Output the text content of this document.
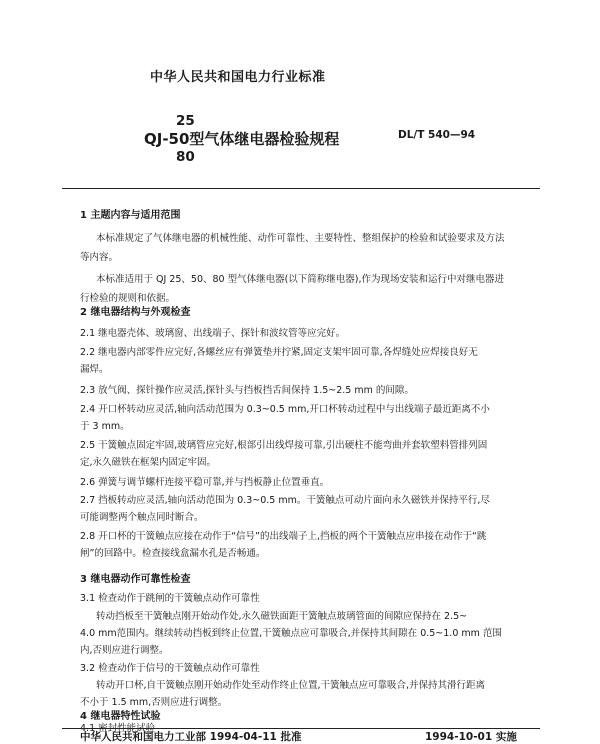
中华人民共和国电力行业标准
25
QJ-50型气体继电器检验规程
80
DL/T 540—94
1 主题内容与适用范围
本标准规定了气体继电器的机械性能、动作可靠性、主要特性、整组保护的检验和试验要求及方法
等内容。
本标准适用于 QJ 25、50、80 型气体继电器(以下简称继电器),作为现场安装和运行中对继电器进
行检验的规则和依据。
2 继电器结构与外观检查
2.1 继电器壳体、玻璃窗、出线端子、探针和波纹管等应完好。
2.2 继电器内部零件应完好,各螺丝应有弹簧垫并拧紧,固定支架牢固可靠,各焊缝处应焊接良好无
漏焊。
2.3 放气阀、探针操作应灵活,探针头与挡板挡舌间保持 1.5~2.5 mm 的间隙。
2.4 开口杯转动应灵活,轴向活动范围为 0.3~0.5 mm,开口杯转动过程中与出线端子最近距离不小
于 3 mm。
2.5 干簧触点固定牢固,玻璃管应完好,根部引出线焊接可靠,引出硬柱不能弯曲并套软塑料管排列固
定,永久磁铁在框架内固定牢固。
2.6 弹簧与调节螺杆连接平稳可靠,并与挡板静止位置垂直。
2.7 挡板转动应灵活,轴向活动范围为 0.3~0.5 mm。干簧触点可动片面向永久磁铁并保持平行,尽
可能调整两个触点同时断合。
2.8 开口杯的干簧触点应接在动作于“信号”的出线端子上,挡板的两个干簧触点应串接在动作于“跳
闸”的回路中。检查接线盒漏水孔是否畅通。
3 继电器动作可靠性检查
3.1 检查动作于跳闸的干簧触点动作可靠性
转动挡板至干簧触点刚开始动作处,永久磁铁面距干簧触点玻璃管面的间隙应保持在 2.5~
4.0 mm范围内。继续转动挡板到终止位置,干簧触点应可靠吸合,并保持其间隙在 0.5~1.0 mm 范围
内,否则应进行调整。
3.2 检查动作于信号的干簧触点动作可靠性
转动开口杯,自干簧触点刚开始动作处至动作终止位置,干簧触点应可靠吸合,并保持其滑行距离
不小于 1.5 mm,否则应进行调整。
4 继电器特性试验
4.1 密封性能试验
中华人民共和国电力工业部 1994-04-11 批准	1994-10-01 实施
